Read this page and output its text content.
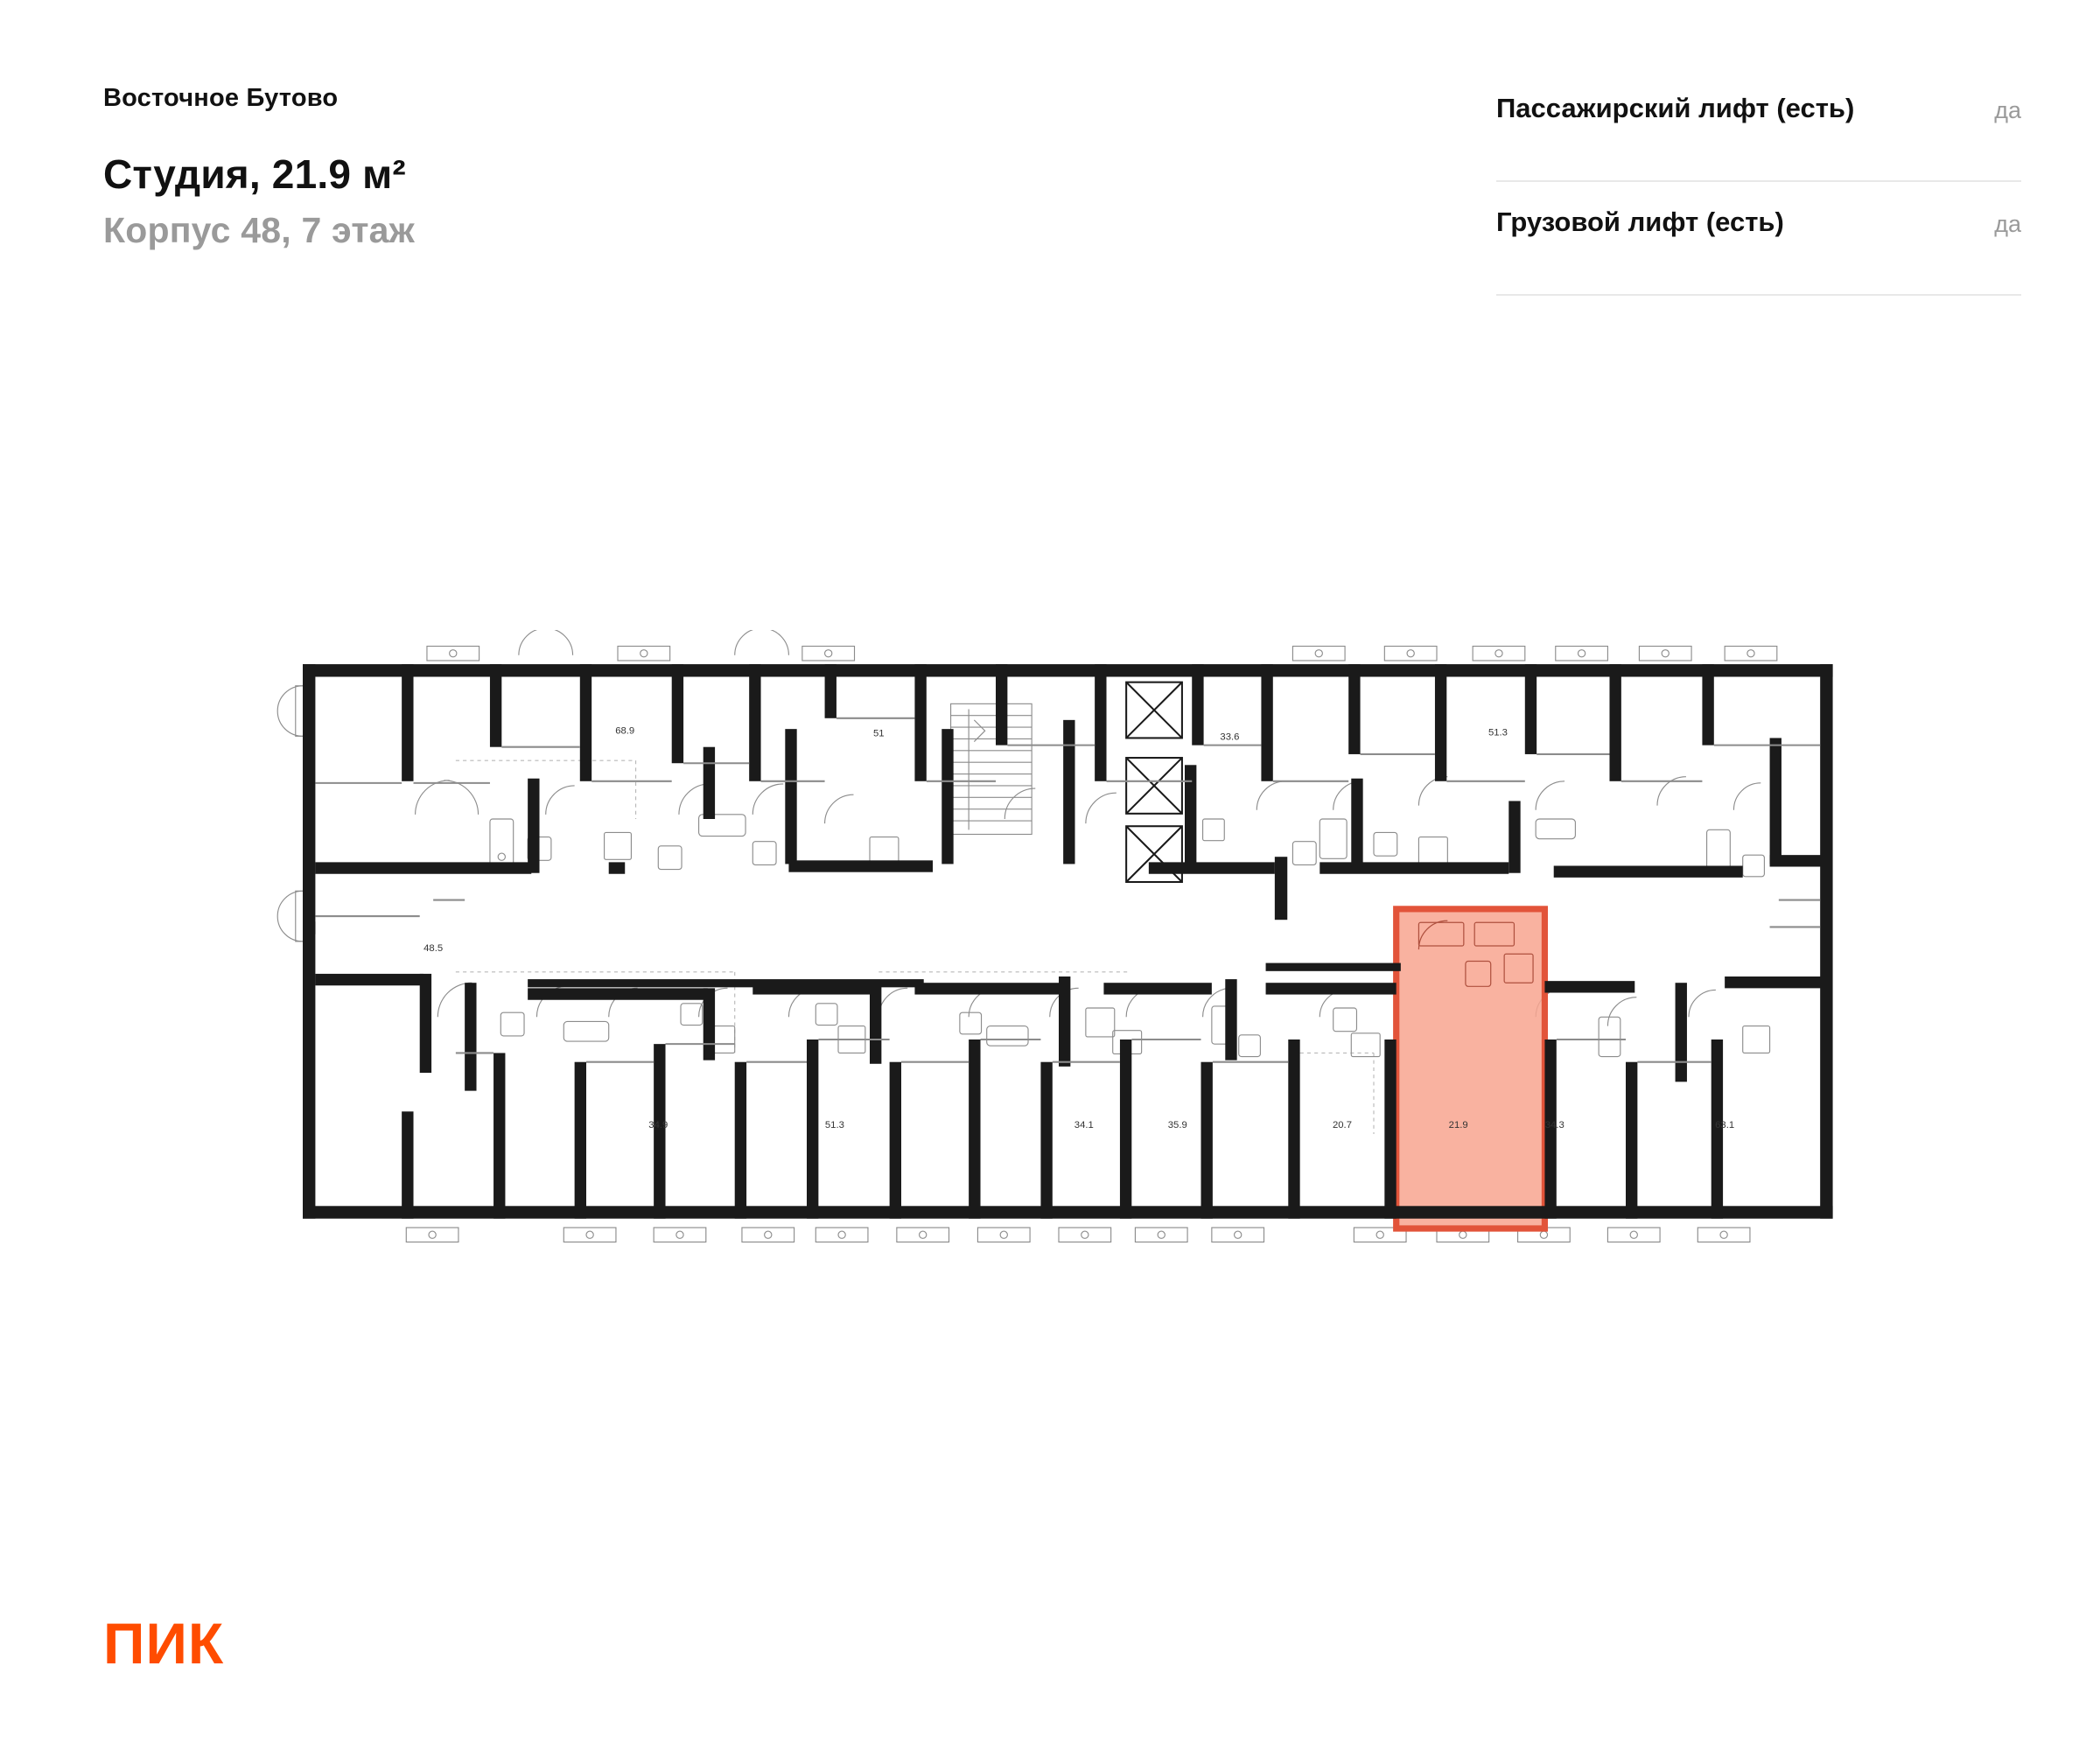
Восточное Бутово
Студия, 21.9 м²
Корпус 48, 7 этаж
Пассажирский лифт (есть)	да
Грузовой лифт (есть)	да
68.9	51	33.6	51.3
48.5
34.9	51.3	34.1	35.9	20.7	21.9	34.3	63.1
ПИК
